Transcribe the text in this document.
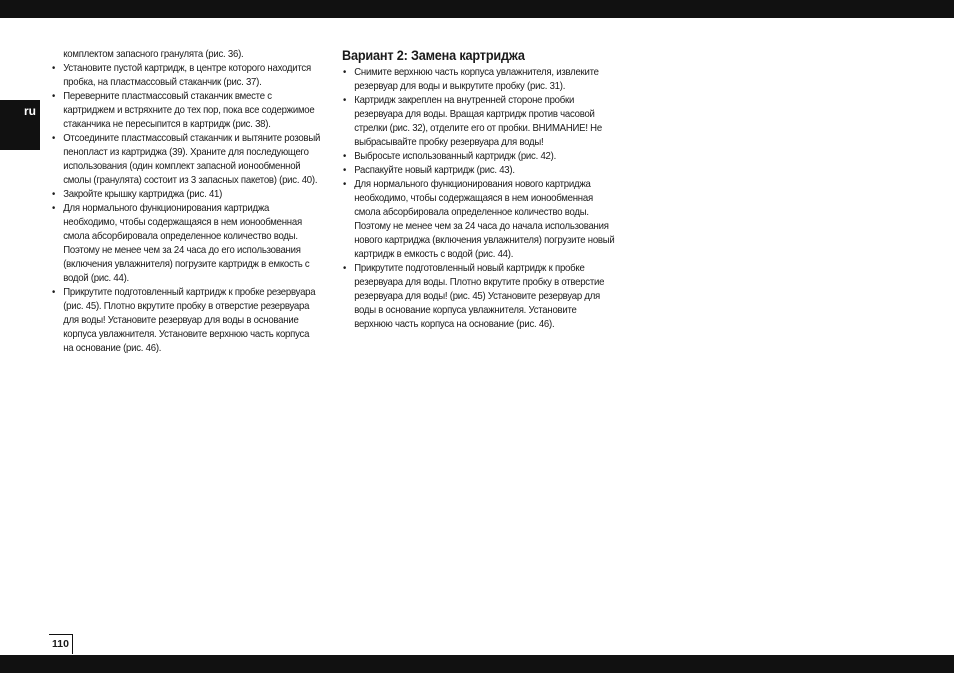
ru
комплектом запасного гранулята (рис. 36).
• Установите пустой картридж, в центре которого находится пробка, на пластмассовый стаканчик (рис. 37).
• Переверните пластмассовый стаканчик вместе с картриджем и встряхните до тех пор, пока все содержимое стаканчика не пересыпится в картридж (рис. 38).
• Отсоедините пластмассовый стаканчик и вытяните розовый пенопласт из картриджа (39). Храните для последующего использования (один комплект запасной ионообменной смолы (гранулята) состоит из 3 запасных пакетов) (рис. 40).
• Закройте крышку картриджа (рис. 41)
• Для нормального функционирования картриджа необходимо, чтобы содержащаяся в нем ионообменная смола абсорбировала определенное количество воды. Поэтому не менее чем за 24 часа до его использования (включения увлажнителя) погрузите картридж в емкость с водой (рис. 44).
• Прикрутите подготовленный картридж к пробке резервуара (рис. 45). Плотно вкрутите пробку в отверстие резервуара для воды! Установите резервуар для воды в основание корпуса увлажнителя. Установите верхнюю часть корпуса на основание (рис. 46).
Вариант 2: Замена картриджа
• Снимите верхнюю часть корпуса увлажнителя, извлеките резервуар для воды и выкрутите пробку (рис. 31).
• Картридж закреплен на внутренней стороне пробки резервуара для воды. Вращая картридж против часовой стрелки (рис. 32), отделите его от пробки. ВНИМАНИЕ! Не выбрасывайте пробку резервуара для воды!
• Выбросьте использованный картридж (рис. 42).
• Распакуйте новый картридж (рис. 43).
• Для нормального функционирования нового картриджа необходимо, чтобы содержащаяся в нем ионообменная смола абсорбировала определенное количество воды. Поэтому не менее чем за 24 часа до начала использования нового картриджа (включения увлажнителя) погрузите новый картридж в емкость с водой (рис. 44).
• Прикрутите подготовленный новый картридж к пробке резервуара для воды. Плотно вкрутите пробку в отверстие резервуара для воды! (рис. 45) Установите резервуар для воды в основание корпуса увлажнителя. Установите верхнюю часть корпуса на основание (рис. 46).
110
